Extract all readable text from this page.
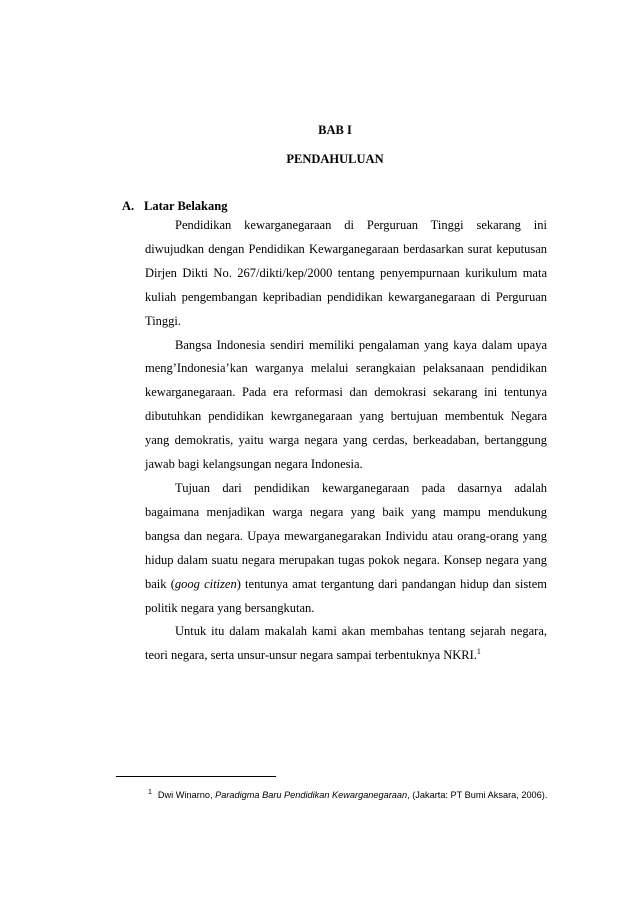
BAB I
PENDAHULUAN
A. Latar Belakang

Pendidikan kewarganegaraan di Perguruan Tinggi sekarang ini diwujudkan dengan Pendidikan Kewarganegaraan berdasarkan surat keputusan Dirjen Dikti No. 267/dikti/kep/2000 tentang penyempurnaan kurikulum mata kuliah pengembangan kepribadian pendidikan kewarganegaraan di Perguruan Tinggi.

Bangsa Indonesia sendiri memiliki pengalaman yang kaya dalam upaya meng’Indonesia’kan warganya melalui serangkaian pelaksanaan pendidikan kewarganegaraan. Pada era reformasi dan demokrasi sekarang ini tentunya dibutuhkan pendidikan kewrganegaraan yang bertujuan membentuk Negara yang demokratis, yaitu warga negara yang cerdas, berkeadaban, bertanggung jawab bagi kelangsungan negara Indonesia.

Tujuan dari pendidikan kewarganegaraan pada dasarnya adalah bagaimana menjadikan warga negara yang baik yang mampu mendukung bangsa dan negara. Upaya mewarganegarakan Individu atau orang-orang yang hidup dalam suatu negara merupakan tugas pokok negara. Konsep negara yang baik (goog citizen) tentunya amat tergantung dari pandangan hidup dan sistem politik negara yang bersangkutan.

Untuk itu dalam makalah kami akan membahas tentang sejarah negara, teori negara, serta unsur-unsur negara sampai terbentuknya NKRI.$^1$

$^1$ Dwi Winarno, Paradigma Baru Pendidikan Kewarganegaraan, (Jakarta: PT Bumi Aksara, 2006).
